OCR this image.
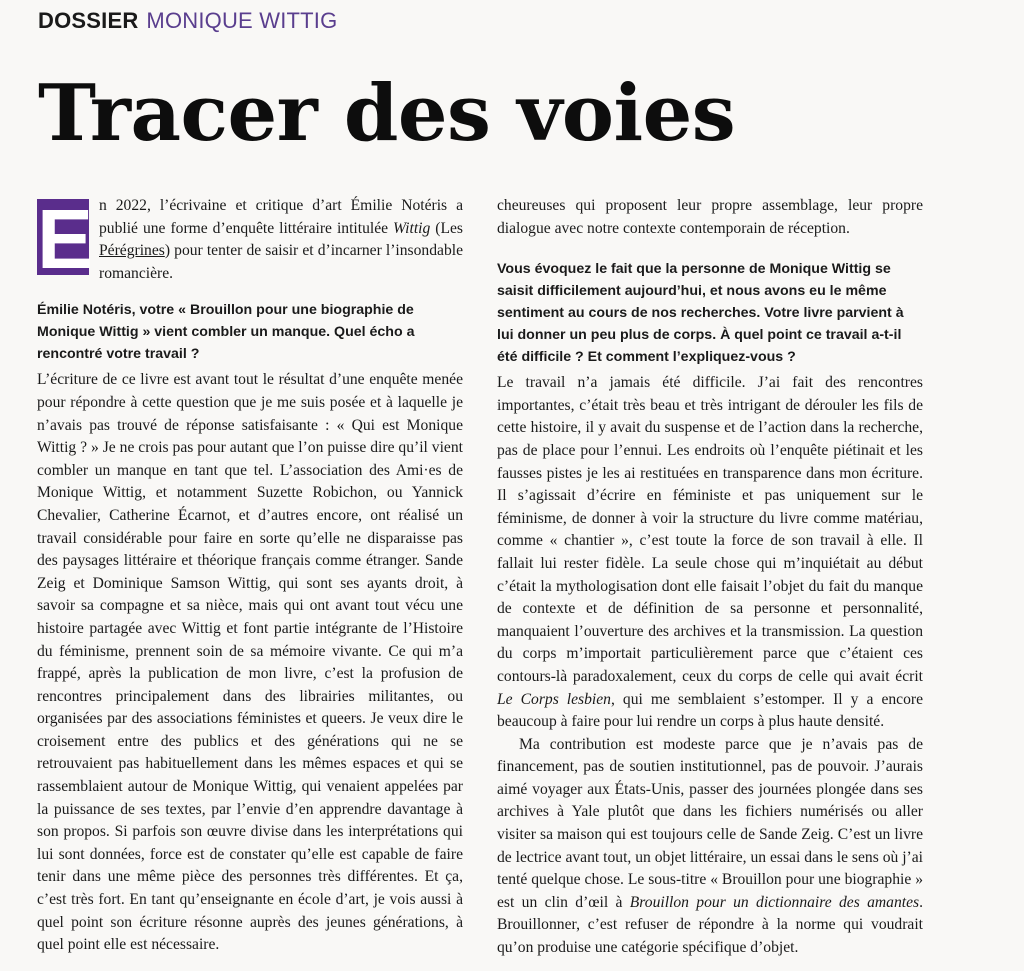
DOSSIER MONIQUE WITTIG
Tracer des voies

E n 2022, l’écrivaine et critique d’art Émilie Notéris a publié une forme d’enquête littéraire intitulée Wittig (Les Pérégrines) pour tenter de saisir et d’incarner l’insondable romancière.

Émilie Notéris, votre « Brouillon pour une biographie de Monique Wittig » vient combler un manque. Quel écho a rencontré votre travail ?

L’écriture de ce livre est avant tout le résultat d’une enquête menée pour répondre à cette question que je me suis posée et à laquelle je n’avais pas trouvé de réponse satisfaisante : « Qui est Monique Wittig ? » Je ne crois pas pour autant que l’on puisse dire qu’il vient combler un manque en tant que tel. L’association des Ami·es de Monique Wittig, et notamment Suzette Robichon, ou Yannick Chevalier, Catherine Écarnot, et d’autres encore, ont réalisé un travail considérable pour faire en sorte qu’elle ne disparaisse pas des paysages littéraire et théorique français comme étranger. Sande Zeig et Dominique Samson Wittig, qui sont ses ayants droit, à savoir sa compagne et sa nièce, mais qui ont avant tout vécu une histoire partagée avec Wittig et font partie intégrante de l’Histoire du féminisme, prennent soin de sa mémoire vivante. Ce qui m’a frappé, après la publication de mon livre, c’est la profusion de rencontres principalement dans des librairies militantes, ou organisées par des associations féministes et queers. Je veux dire le croisement entre des publics et des générations qui ne se retrouvaient pas habituellement dans les mêmes espaces et qui se rassemblaient autour de Monique Wittig, qui venaient appelées par la puissance de ses textes, par l’envie d’en apprendre davantage à son propos. Si parfois son œuvre divise dans les interprétations qui lui sont données, force est de constater qu’elle est capable de faire tenir dans une même pièce des personnes très différentes. Et ça, c’est très fort. En tant qu’enseignante en école d’art, je vois aussi à quel point son écriture résonne auprès des jeunes générations, à quel point elle est nécessaire.

cheureuses qui proposent leur propre assemblage, leur propre dialogue avec notre contexte contemporain de réception.

Vous évoquez le fait que la personne de Monique Wittig se saisit difficilement aujourd’hui, et nous avons eu le même sentiment au cours de nos recherches. Votre livre parvient à lui donner un peu plus de corps. À quel point ce travail a-t-il été difficile ? Et comment l’expliquez-vous ?

Le travail n’a jamais été difficile. J’ai fait des rencontres importantes, c’était très beau et très intrigant de dérouler les fils de cette histoire, il y avait du suspense et de l’action dans la recherche, pas de place pour l’ennui. Les endroits où l’enquête piétinait et les fausses pistes je les ai restituées en transparence dans mon écriture. Il s’agissait d’écrire en féministe et pas uniquement sur le féminisme, de donner à voir la structure du livre comme matériau, comme « chantier », c’est toute la force de son travail à elle. Il fallait lui rester fidèle. La seule chose qui m’inquiétait au début c’était la mythologisation dont elle faisait l’objet du fait du manque de contexte et de définition de sa personne et personnalité, manquaient l’ouverture des archives et la transmission. La question du corps m’importait particulièrement parce que c’étaient ces contours-là paradoxalement, ceux du corps de celle qui avait écrit Le Corps lesbien, qui me semblaient s’estomper. Il y a encore beaucoup à faire pour lui rendre un corps à plus haute densité.

Ma contribution est modeste parce que je n’avais pas de financement, pas de soutien institutionnel, pas de pouvoir. J’aurais aimé voyager aux États-Unis, passer des journées plongée dans ses archives à Yale plutôt que dans les fichiers numérisés ou aller visiter sa maison qui est toujours celle de Sande Zeig. C’est un livre de lectrice avant tout, un objet littéraire, un essai dans le sens où j’ai tenté quelque chose. Le sous-titre « Brouillon pour une biographie » est un clin d’œil à Brouillon pour un dictionnaire des amantes. Brouillonner, c’est refuser de répondre à la norme qui voudrait qu’on produise une catégorie spécifique d’objet.
